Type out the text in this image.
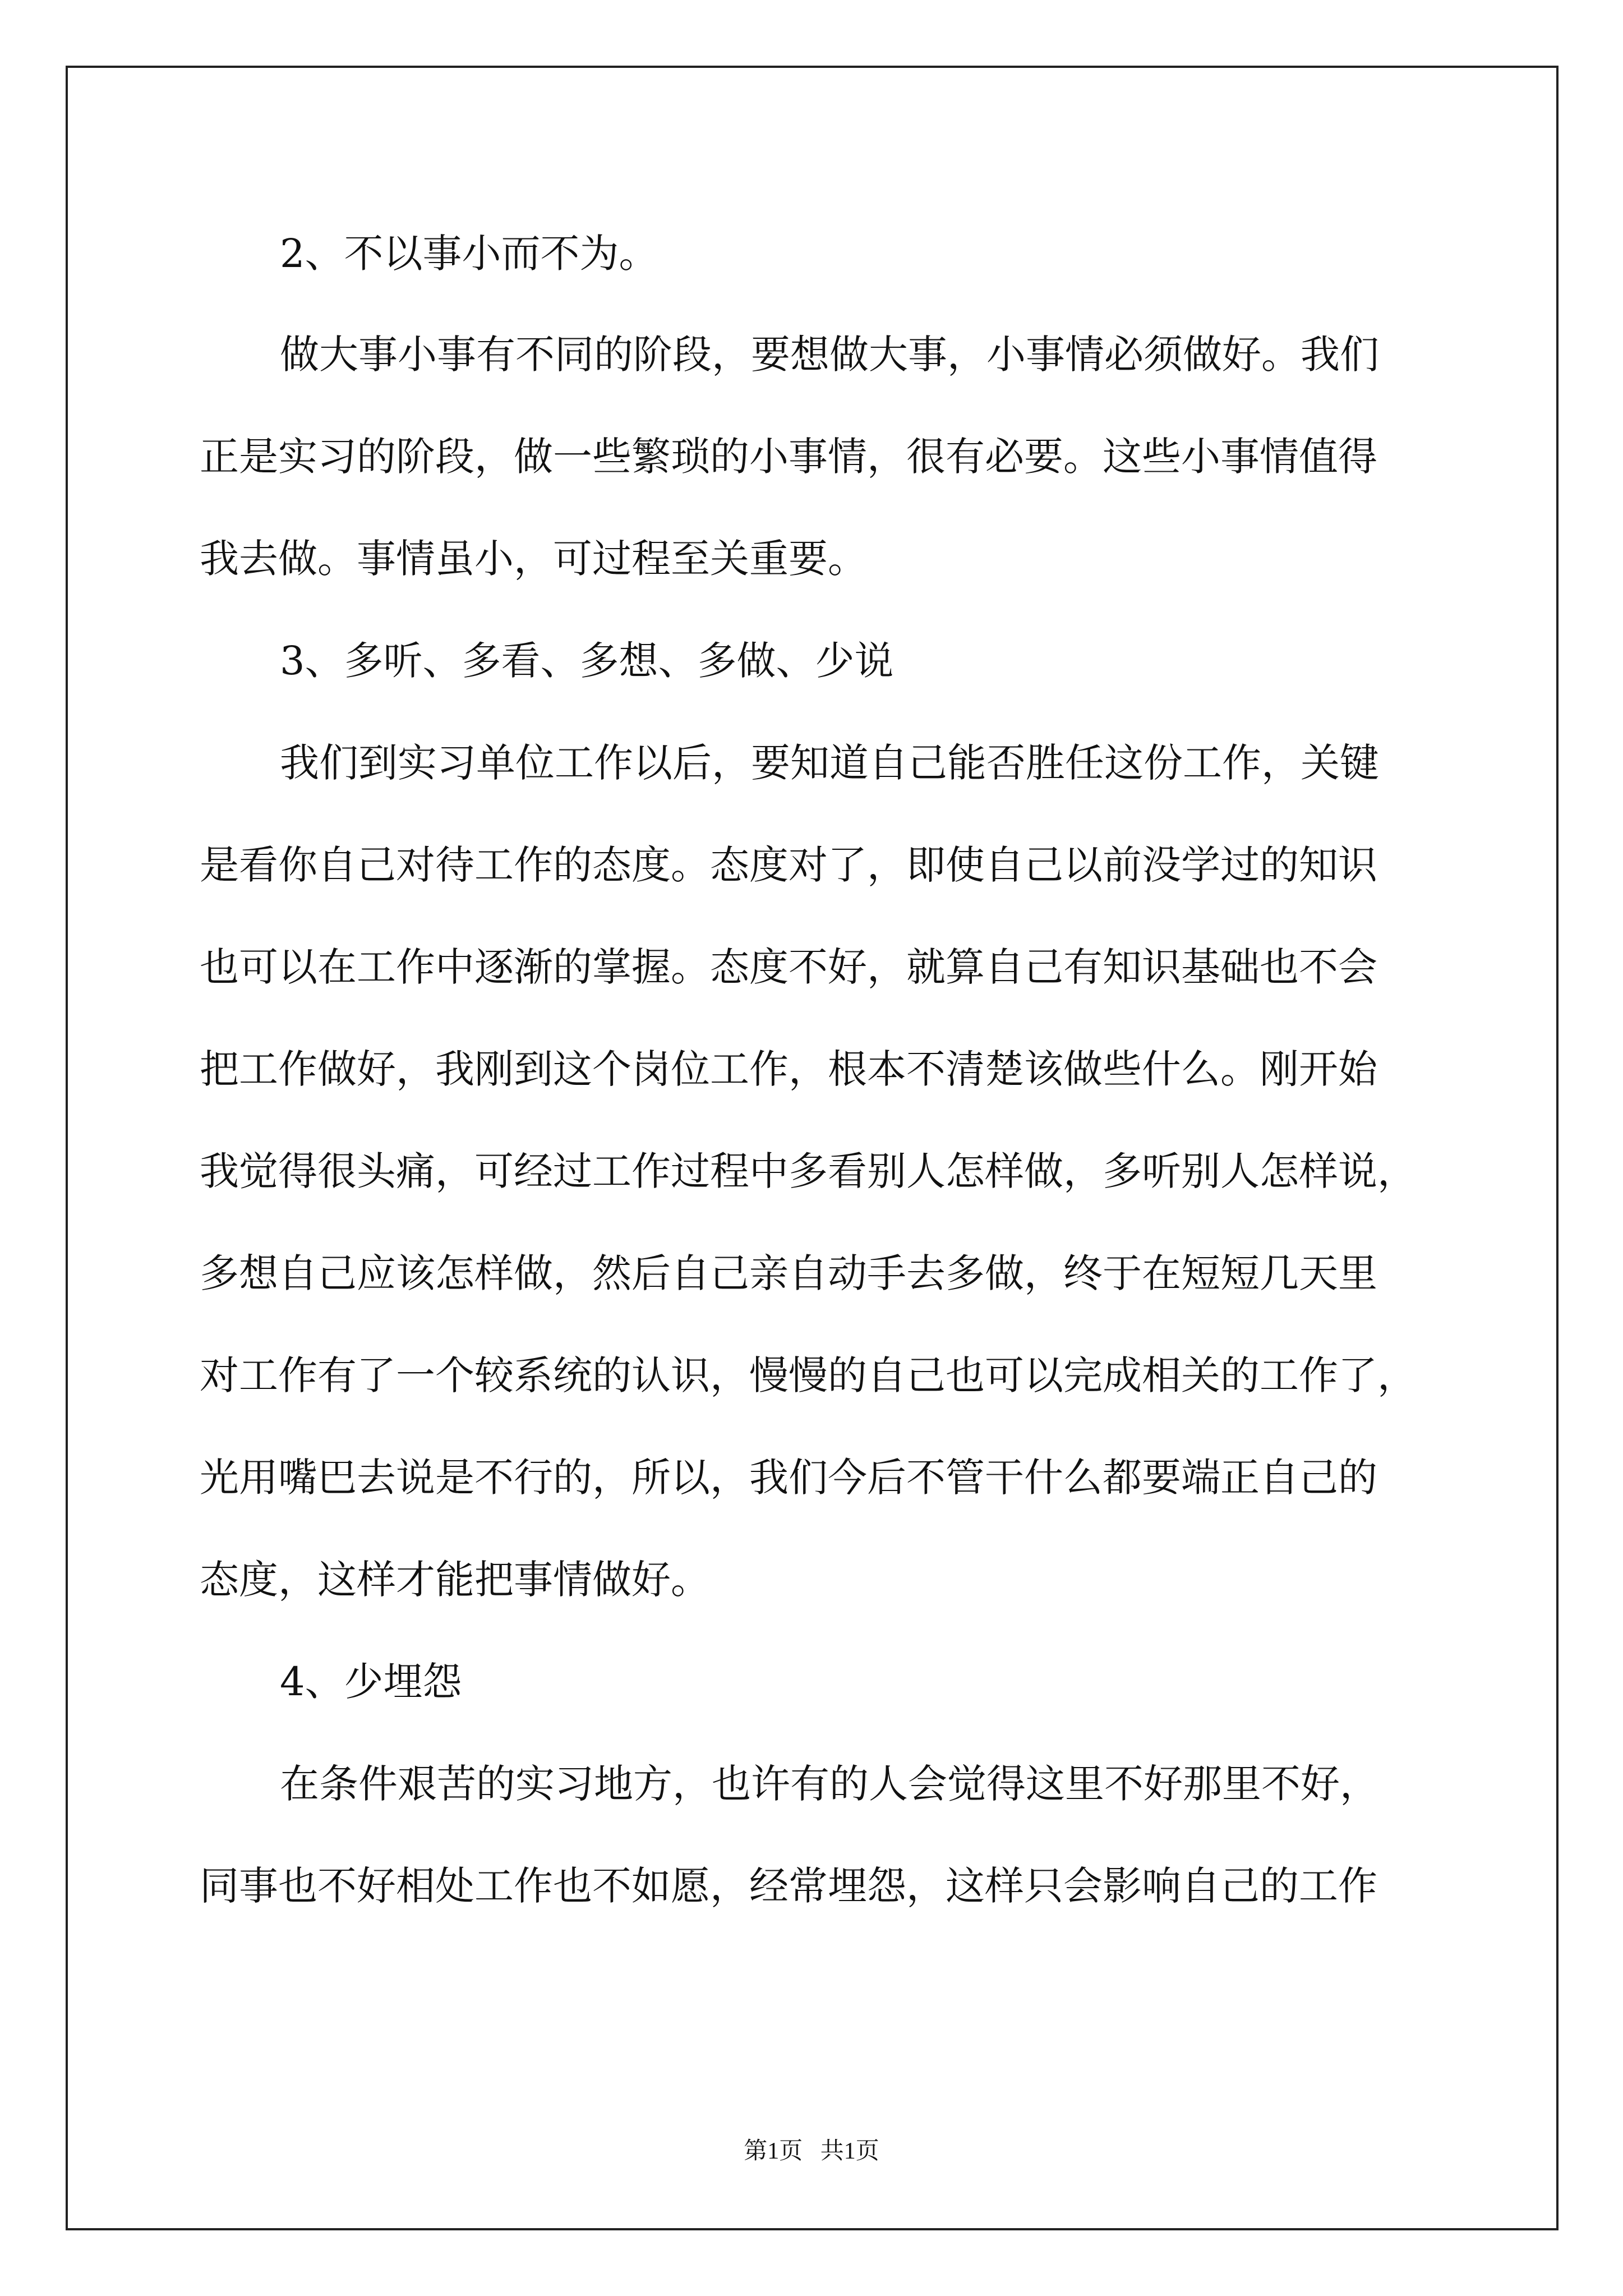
2、不以事小而不为。
做大事小事有不同的阶段，要想做大事，小事情必须做好。我们
正是实习的阶段，做一些繁琐的小事情，很有必要。这些小事情值得
我去做。事情虽小，可过程至关重要。
3、多听、多看、多想、多做、少说
我们到实习单位工作以后，要知道自己能否胜任这份工作，关键
是看你自己对待工作的态度。态度对了，即使自己以前没学过的知识
也可以在工作中逐渐的掌握。态度不好，就算自己有知识基础也不会
把工作做好，我刚到这个岗位工作，根本不清楚该做些什么。刚开始
我觉得很头痛，可经过工作过程中多看别人怎样做，多听别人怎样说，
多想自己应该怎样做，然后自己亲自动手去多做，终于在短短几天里
对工作有了一个较系统的认识，慢慢的自己也可以完成相关的工作了，
光用嘴巴去说是不行的，所以，我们今后不管干什么都要端正自己的
态度，这样才能把事情做好。
4、少埋怨
在条件艰苦的实习地方，也许有的人会觉得这里不好那里不好，
同事也不好相处工作也不如愿，经常埋怨，这样只会影响自己的工作
第1页   共1页
